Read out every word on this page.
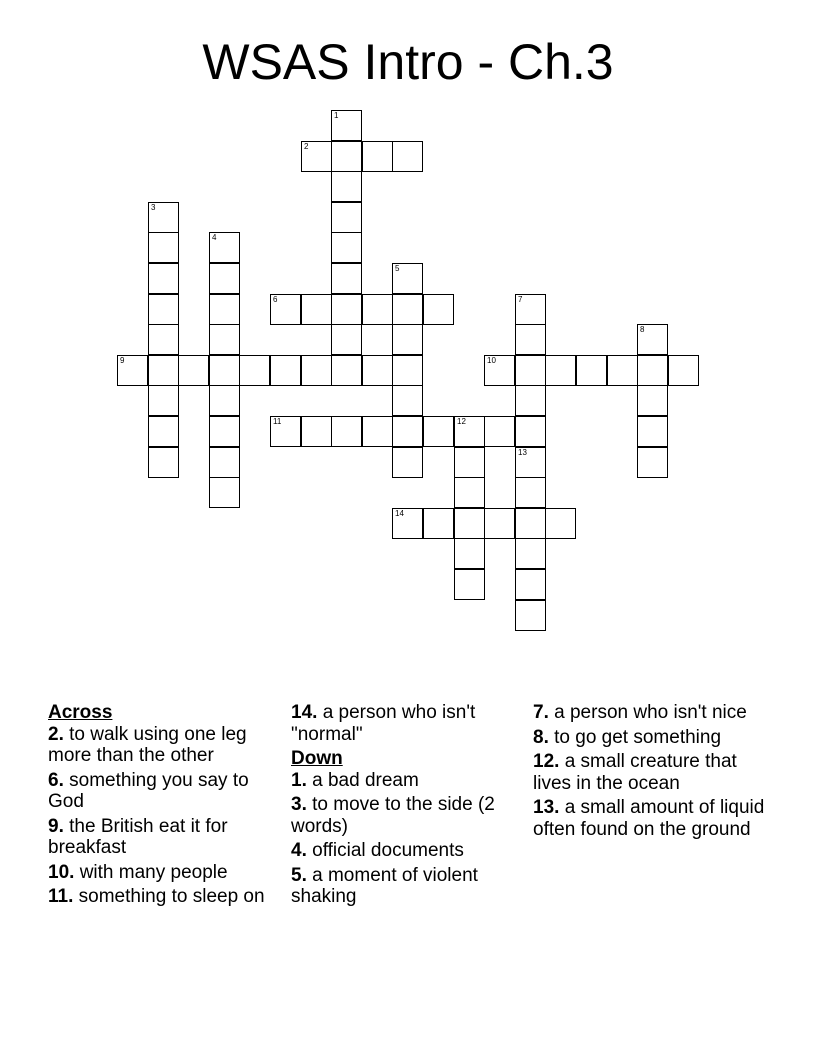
WSAS Intro - Ch.3
1
2
3
4
5
6	7
8
9	10
11	12
13
14
Across
2. to walk using one leg more than the other
6. something you say to God
9. the British eat it for breakfast
10. with many people
11. something to sleep on
14. a person who isn't "normal"
Down
1. a bad dream
3. to move to the side (2 words)
4. official documents
5. a moment of violent shaking
7. a person who isn't nice
8. to go get something
12. a small creature that lives in the ocean
13. a small amount of liquid often found on the ground
